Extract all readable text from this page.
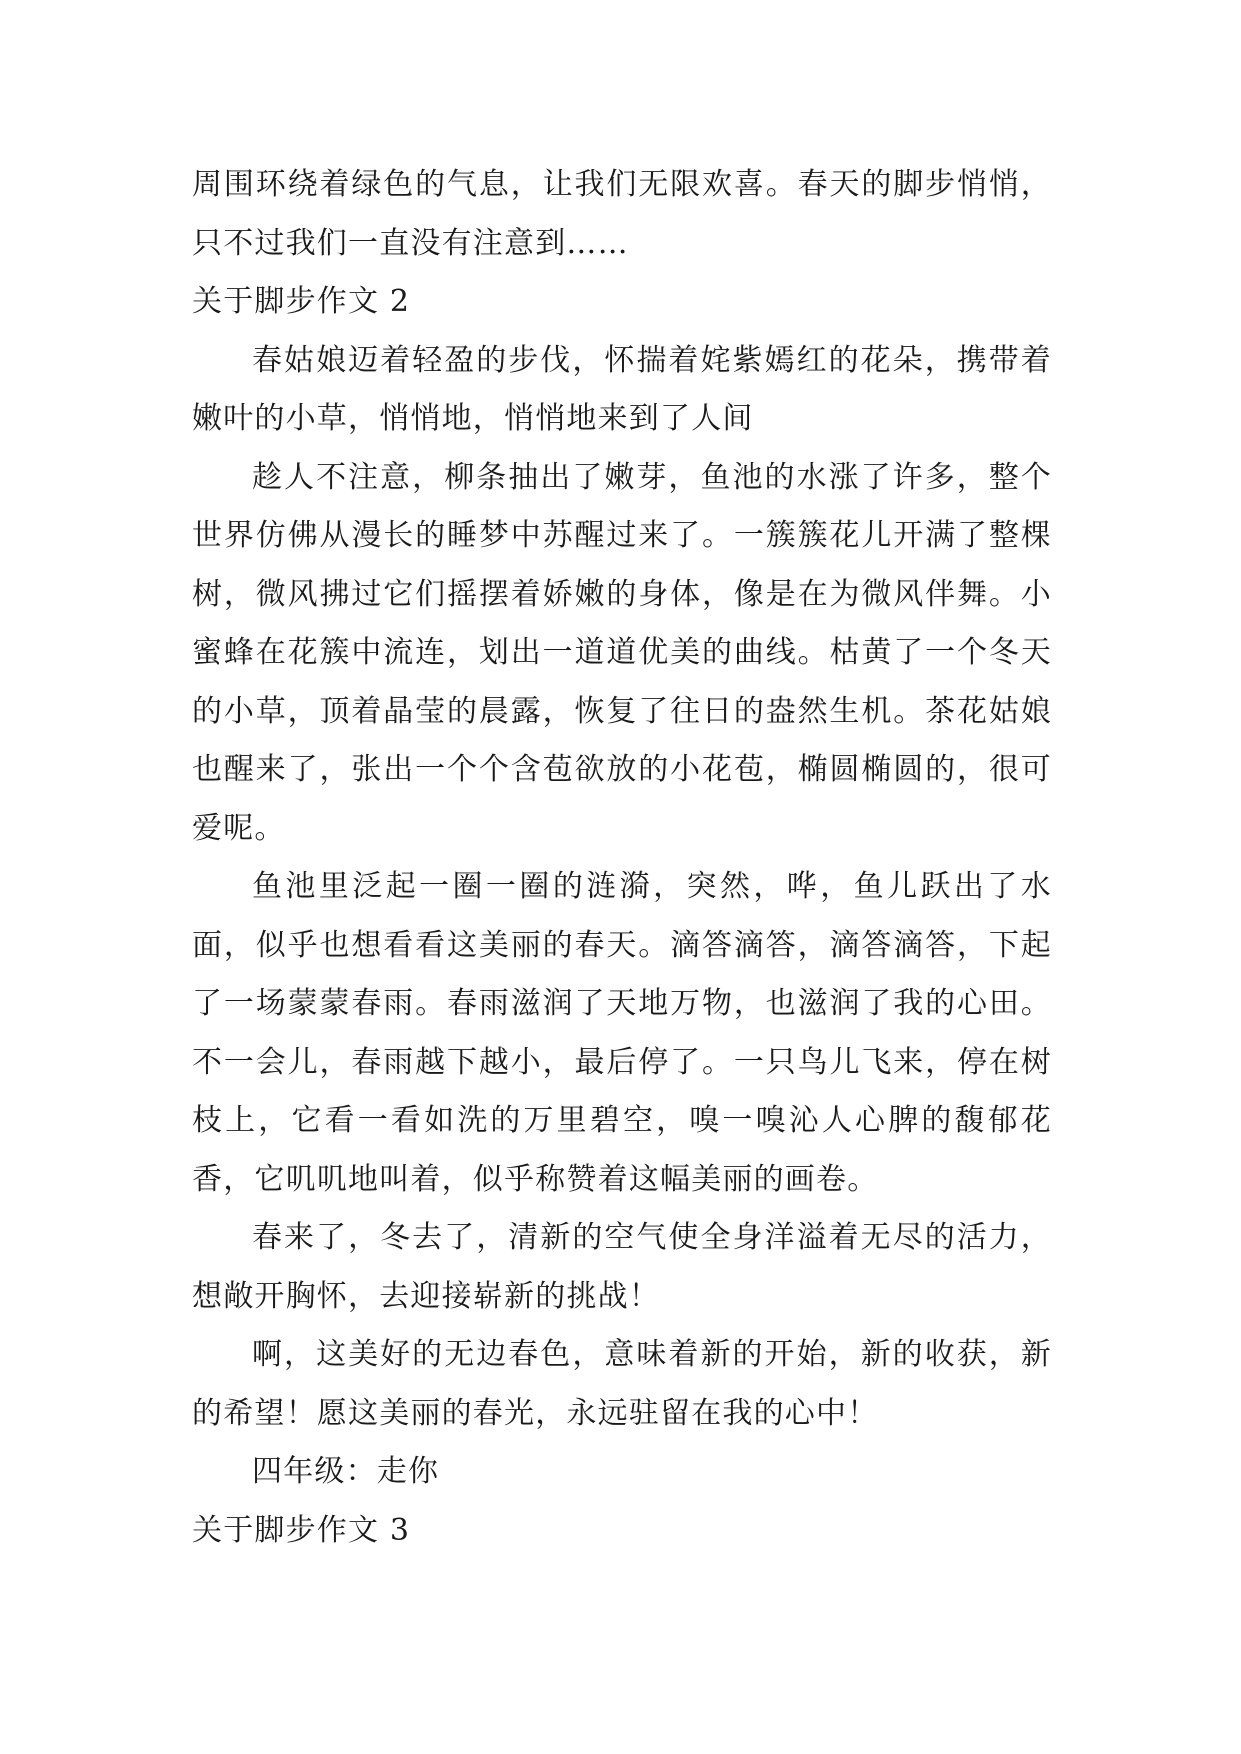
周围环绕着绿色的气息，让我们无限欢喜。春天的脚步悄悄，只不过我们一直没有注意到……

关于脚步作文 2

春姑娘迈着轻盈的步伐，怀揣着姹紫嫣红的花朵，携带着嫩叶的小草，悄悄地，悄悄地来到了人间

趁人不注意，柳条抽出了嫩芽，鱼池的水涨了许多，整个世界仿佛从漫长的睡梦中苏醒过来了。一簇簇花儿开满了整棵树，微风拂过它们摇摆着娇嫩的身体，像是在为微风伴舞。小蜜蜂在花簇中流连，划出一道道优美的曲线。枯黄了一个冬天的小草，顶着晶莹的晨露，恢复了往日的盎然生机。茶花姑娘也醒来了，张出一个个含苞欲放的小花苞，椭圆椭圆的，很可爱呢。

鱼池里泛起一圈一圈的涟漪，突然，哗，鱼儿跃出了水面，似乎也想看看这美丽的春天。滴答滴答，滴答滴答，下起了一场蒙蒙春雨。春雨滋润了天地万物，也滋润了我的心田。不一会儿，春雨越下越小，最后停了。一只鸟儿飞来，停在树枝上，它看一看如洗的万里碧空，嗅一嗅沁人心脾的馥郁花香，它叽叽地叫着，似乎称赞着这幅美丽的画卷。

春来了，冬去了，清新的空气使全身洋溢着无尽的活力，想敞开胸怀，去迎接崭新的挑战！

啊，这美好的无边春色，意味着新的开始，新的收获，新的希望！愿这美丽的春光，永远驻留在我的心中！

四年级：走你

关于脚步作文 3
